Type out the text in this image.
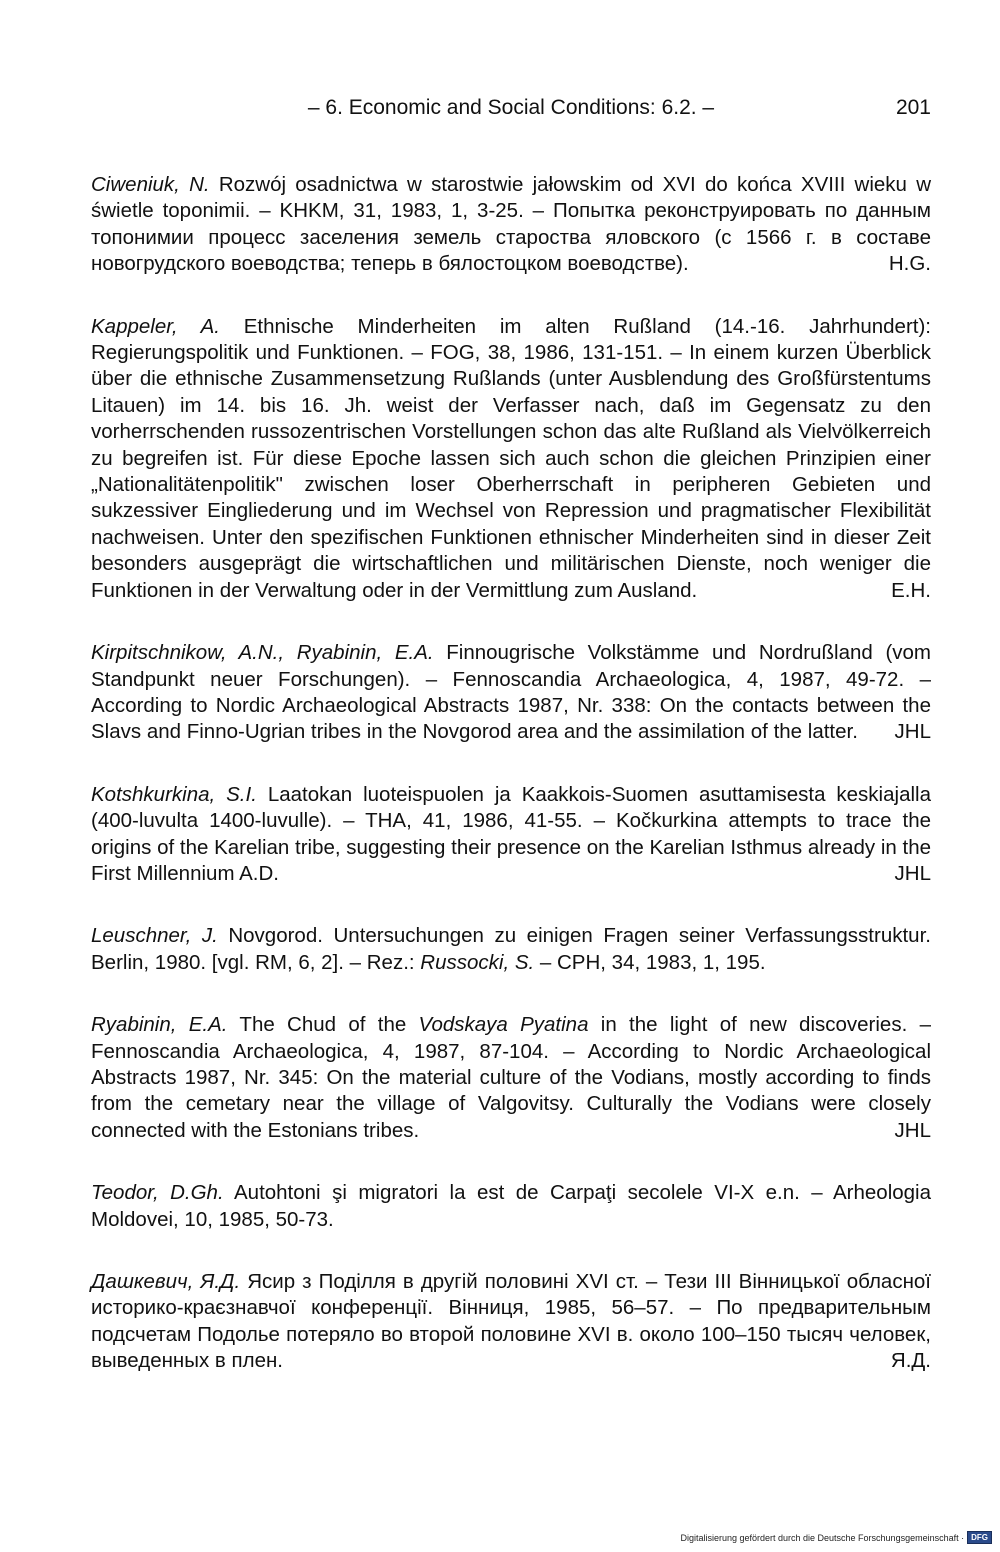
– 6. Economic and Social Conditions: 6.2. –	201

Ciweniuk, N. Rozwój osadnictwa w starostwie jałowskim od XVI do końca XVIII wieku w świetle toponimii. – KHKM, 31, 1983, 1, 3-25. – Попытка реконструировать по данным топонимии процесс заселения земель староства яловского (с 1566 г. в составе новогрудского воеводства; теперь в бялостоцком воеводстве).	H.G.

Kappeler, A. Ethnische Minderheiten im alten Rußland (14.-16. Jahrhundert): Regierungspolitik und Funktionen. – FOG, 38, 1986, 131-151. – In einem kurzen Überblick über die ethnische Zusammensetzung Rußlands (unter Ausblendung des Großfürstentums Litauen) im 14. bis 16. Jh. weist der Verfasser nach, daß im Gegensatz zu den vorherrschenden russozentrischen Vorstellungen schon das alte Rußland als Vielvölkerreich zu begreifen ist. Für diese Epoche lassen sich auch schon die gleichen Prinzipien einer „Nationalitätenpolitik" zwischen loser Oberherrschaft in peripheren Gebieten und sukzessiver Eingliederung und im Wechsel von Repression und pragmatischer Flexibilität nachweisen. Unter den spezifischen Funktionen ethnischer Minderheiten sind in dieser Zeit besonders ausgeprägt die wirtschaftlichen und militärischen Dienste, noch weniger die Funktionen in der Verwaltung oder in der Vermittlung zum Ausland.	E.H.

Kirpitschnikow, A.N., Ryabinin, E.A. Finnougrische Volkstämme und Nordrußland (vom Standpunkt neuer Forschungen). – Fennoscandia Archaeologica, 4, 1987, 49-72. – According to Nordic Archaeological Abstracts 1987, Nr. 338: On the contacts between the Slavs and Finno-Ugrian tribes in the Novgorod area and the assimilation of the latter. JHL

Kotshkurkina, S.I. Laatokan luoteispuolen ja Kaakkois-Suomen asuttamisesta keskiajalla (400-luvulta 1400-luvulle). – THA, 41, 1986, 41-55. – Kočkurkina attempts to trace the origins of the Karelian tribe, suggesting their presence on the Karelian Isthmus already in the First Millennium A.D.	JHL

Leuschner, J. Novgorod. Untersuchungen zu einigen Fragen seiner Verfassungsstruktur. Berlin, 1980. [vgl. RM, 6, 2]. – Rez.: Russocki, S. – CPH, 34, 1983, 1, 195.

Ryabinin, E.A. The Chud of the Vodskaya Pyatina in the light of new discoveries. – Fennoscandia Archaeologica, 4, 1987, 87-104. – According to Nordic Archaeological Abstracts 1987, Nr. 345: On the material culture of the Vodians, mostly according to finds from the cemetary near the village of Valgovitsy. Culturally the Vodians were closely connected with the Estonians tribes.	JHL

Teodor, D.Gh. Autohtoni şi migratori la est de Carpaţi secolele VI-X e.n. – Arheologia Moldovei, 10, 1985, 50-73.

Дашкевич, Я.Д. Ясир з Поділля в другій половині XVI ст. – Тези III Вінницької обласної историко-краєзнавчої конференції. Вінниця, 1985, 56–57. – По предварительным подсчетам Подолье потеряло во второй половине XVI в. около 100–150 тысяч человек, выведенных в плен.	Я.Д.

Digitalisierung gefördert durch die Deutsche Forschungsgemeinschaft · DFG
